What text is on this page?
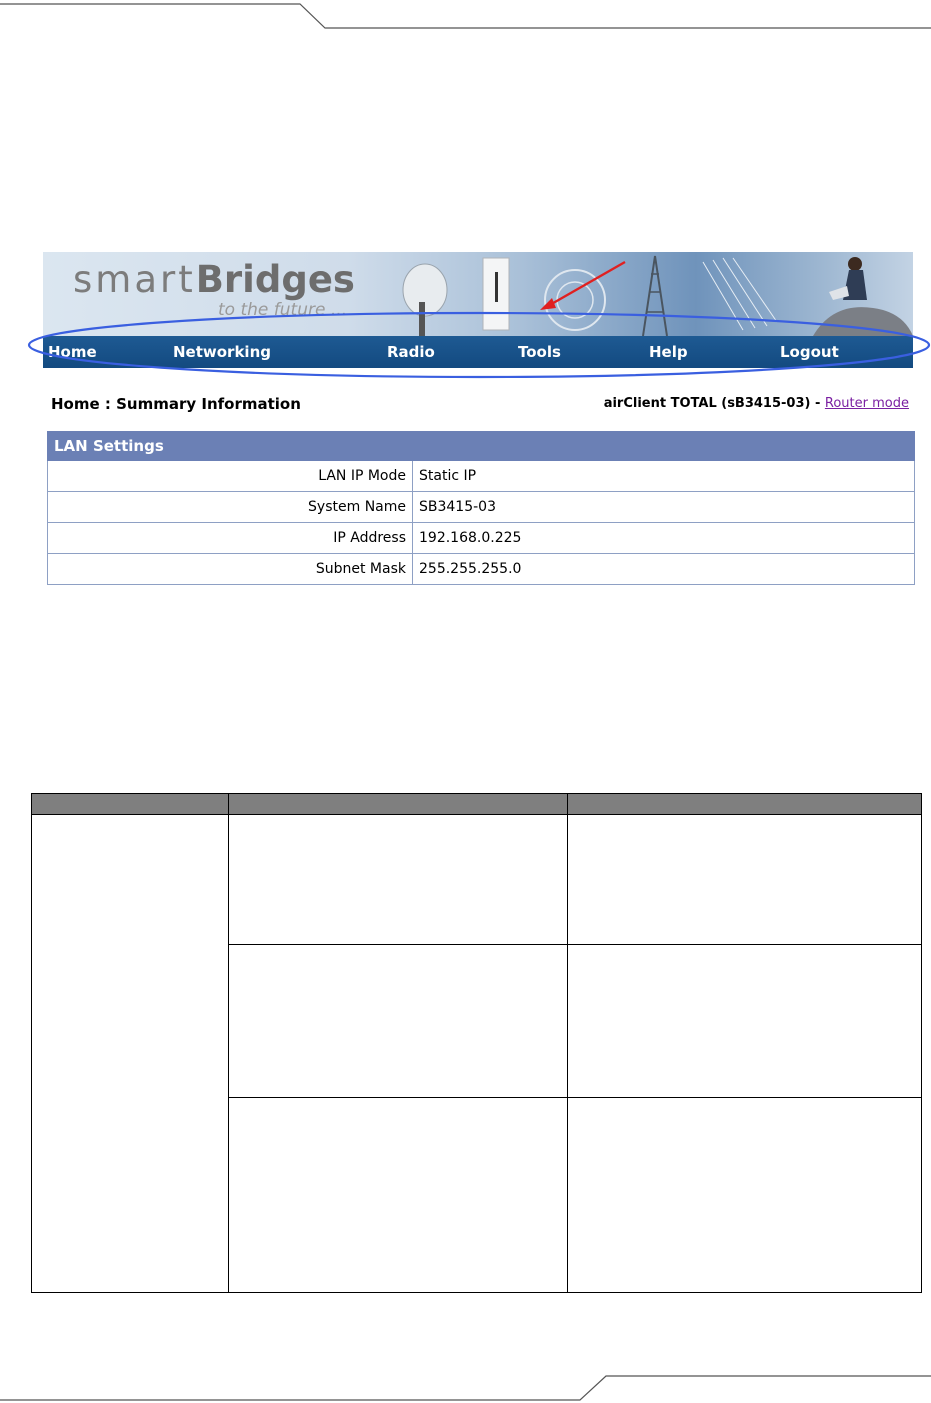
smartBridges
to the future ...
Home	Networking	Radio	Tools	Help	Logout
Home : Summary Information	airClient TOTAL (sB3415-03) - Router mode
LAN Settings	
LAN IP Mode	Static IP
System Name	SB3415-03
IP Address	192.168.0.225
Subnet Mask	255.255.255.0
